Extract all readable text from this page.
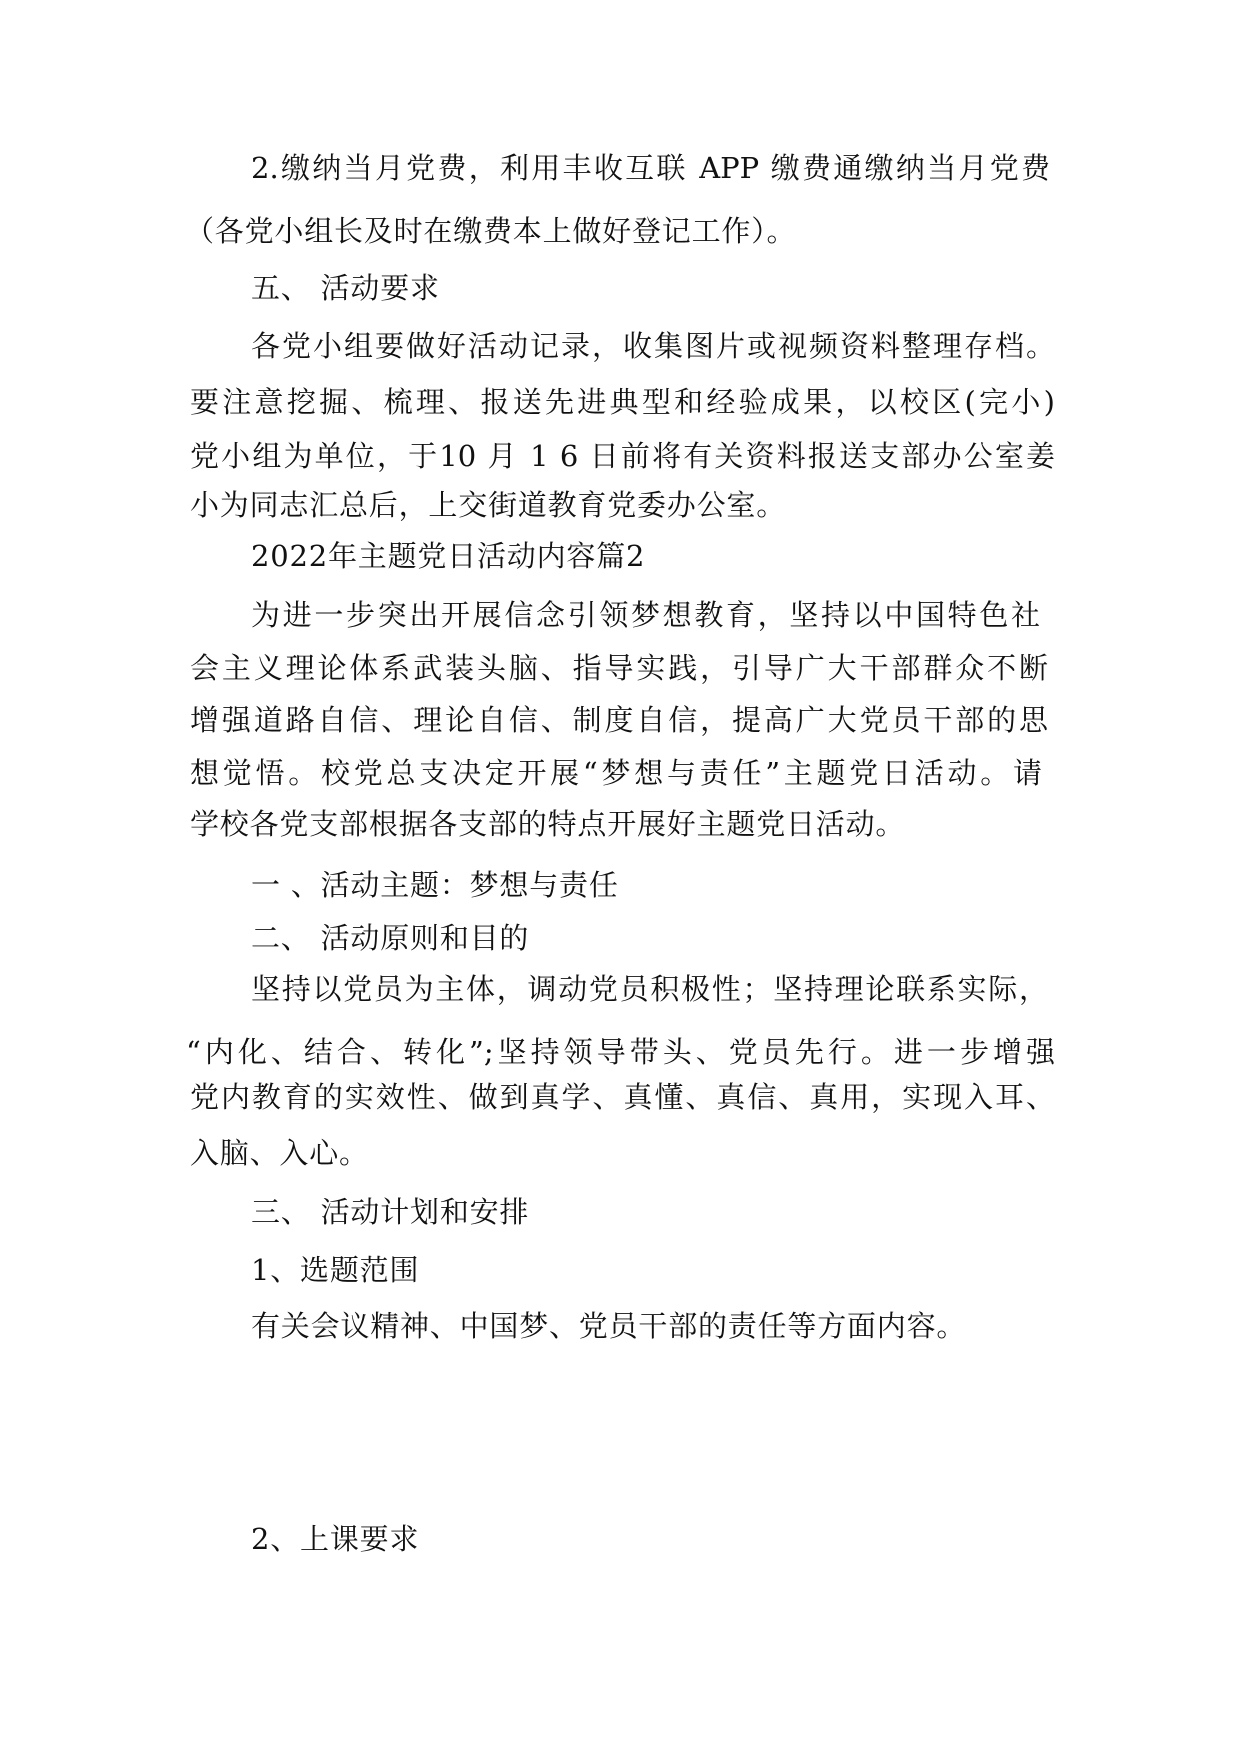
2.缴纳当月党费，利用丰收互联 APP 缴费通缴纳当月党费
（各党小组长及时在缴费本上做好登记工作）。
五、 活动要求
各党小组要做好活动记录，收集图片或视频资料整理存档。
要注意挖掘、梳理、报送先进典型和经验成果，以校区(完小)
党小组为单位，于10 月 1 6 日前将有关资料报送支部办公室姜
小为同志汇总后，上交街道教育党委办公室。
2022年主题党日活动内容篇2
为进一步突出开展信念引领梦想教育，坚持以中国特色社
会主义理论体系武装头脑、指导实践，引导广大干部群众不断
增强道路自信、理论自信、制度自信，提高广大党员干部的思
想觉悟。校党总支决定开展“梦想与责任”主题党日活动。请
学校各党支部根据各支部的特点开展好主题党日活动。
一 、活动主题：梦想与责任
二、 活动原则和目的
坚持以党员为主体，调动党员积极性；坚持理论联系实际，
“内化、结合、转化”;坚持领导带头、党员先行。进一步增强
党内教育的实效性、做到真学、真懂、真信、真用，实现入耳、
入脑、入心。
三、 活动计划和安排
1、选题范围
有关会议精神、中国梦、党员干部的责任等方面内容。
2、上课要求
